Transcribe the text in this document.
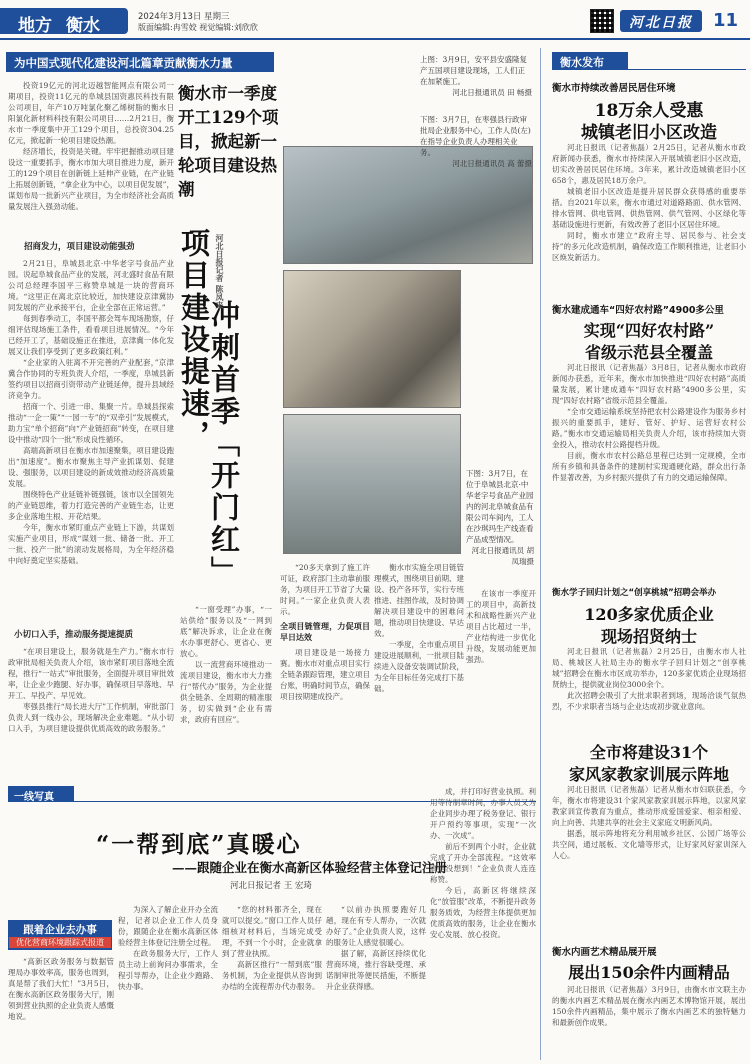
地方 衡水	2024年3月13日 星期三
版面编辑:冉雪姣 视觉编辑:刘欣欣	河北日报 11
为中国式现代化建设河北篇章贡献衡水力量

投资19亿元的河北迈越智能网点有限公司一期项目，投资11亿元的阜城县国资惠民科技有限公司项目，年产10万吨氯化聚乙烯树脂的衡水日阳氯化新材料科技有限公司项目……2月21日，衡水市一季度集中开工129个项目，总投资304.25亿元，掀起新一轮项目建设热潮。

经济增长，投资是关键。牢牢把握推动项目建设这一重要抓手，衡水市加大项目推进力度，新开工的129个项目在创新链上延伸产业链，在产业链上拓展创新链，“拿企业为中心，以项目促发展”，谋划布局一批新兴产业项目，为全市经济社会高质量发展注入强劲动能。

招商发力，项目建设动能强劲

2月21日，阜城县北京·中华老字号食品产业园。说起阜城食品产业的发展，河北盛时食品有限公司总经理李国平三称赞阜城是一块的营商环境。“这里正在离北京比较近，加快建设京津冀协同发展的产业承接平台，企业全部在正常运营。”

每到春季动工，李国平都会驾车现场勘察，仔细评估现场施工条件，看看项目进展情况。“今年已经开工了，基础设施正在推进，京津冀一体化发展又让我们享受到了更多政策红利。”

“企业家的入驻离不开完善的产业配套，”京津冀合作协同的专班负责人介绍，一季度，阜城县新签约项目以招商引资带动产业链延伸，提升县域经济竞争力。

招商一个、引进一串、集聚一片。阜城县探索推动“一企一策”“一园一专”的“双牵引”发展模式，助力宝“单个招商”向“产业链招商”转变，在项目建设中推动“四个一批”形成良性循环。

高端高新项目在衡水市加速聚集，项目建设跑出“加速度”。衡水市聚焦主导产业抓谋划、促建设、强服务，以项目建设的新成效推动经济高质量发展。

围绕特色产业延链补链强链，该市以全国领先的产业链思维，着力打造完善的产业链生态，让更多企业落地生根、开花结果。

今年，衡水市紧盯重点产业链上下游，共谋划实施产业项目，形成“谋划一批、储备一批、开工一批、投产一批”的滚动发展格局，为全年经济稳中向好奠定坚实基础。

小切口入手，推动服务提速提质

“在项目建设上，服务就是生产力。”衡水市行政审批局相关负责人介绍，该市紧盯项目落地全流程，推行“一站式”审批服务，全面提升项目审批效率，让企业少跑腿、好办事，确保项目早落地、早开工、早投产、早见效。

枣强县推行“局长进大厅”工作机制，审批部门负责人到一线办公，现场解决企业难题。“从小切口入手，为项目建设提供优质高效的政务服务。”

衡水市一季度开工129个项目，掀起新一轮项目建设热潮
项目建设提速，
冲刺首季「开门红」
河北日报记者 陈凤来
上图：3月9日，安平县安盛隆复产五国项目建设现场，工人们正在加紧施工。
河北日报通讯员 田 畅摄
下图：3月7日，在枣强县行政审批局企业服务中心，工作人员(左)在指导企业负责人办理相关业务。
河北日报通讯员 高 蕾摄
下图：3月7日，在位于阜城县北京·中华老字号食品产业园内的河北阜城食品有限公司车间内，工人在沙琪玛生产线查看产品成型情况。
河北日报通讯员 胡凤瑞摄

“一窗受理”办事，“一站供给”服务以及“一网到底”解决诉求，让企业在衡水办事更舒心、更省心、更放心。

以一流营商环境推动一流项目建设，衡水市大力推行“帮代办”服务，为企业提供全链条、全周期的精准服务，切实做到“企业有需求，政府有回应”。

“20多天拿到了施工许可证，政府部门主动靠前服务，为项目开工节省了大量时间。”一家企业负责人表示。

全项目链管理，力促项目早日达效

项目建设是一场接力赛。衡水市对重点项目实行全链条跟踪管理，建立项目台账，明确时间节点，确保项目按期建成投产。

衡水市实施全项目链管理模式，围绕项目前期、建设、投产各环节，实行专班推进、挂图作战，及时协调解决项目建设中的困难问题，推动项目快建设、早达效。

一季度，全市重点项目建设进展顺利，一批项目陆续进入设备安装调试阶段，为全年目标任务完成打下基础。

在该市一季度开工的项目中，高新技术和战略性新兴产业项目占比超过一半，产业结构进一步优化升级，发展动能更加强劲。

一线写真
“一帮到底”真暖心
——跟随企业在衡水高新区体验经营主体登记注册
河北日报记者 王 宏琦
跟着企业去办事
优化营商环境跟踪式报道

“高新区政务服务与数据管理局办事效率高，服务也周到，真是帮了我们大忙！”3月5日，在衡水高新区政务服务大厅，刚领到营业执照的企业负责人感慨地说。

为深入了解企业开办全流程，记者以企业工作人员身份，跟随企业在衡水高新区体验经营主体登记注册全过程。

在政务服务大厅，工作人员主动上前询问办事需求，全程引导帮办，让企业少跑路、快办事。

“您的材料都齐全，现在就可以提交。”窗口工作人员仔细核对材料后，当场完成受理，不到一个小时，企业就拿到了营业执照。

高新区推行“一帮到底”服务机制，为企业提供从咨询到办结的全流程帮办代办服务。

“以前办执照要跑好几趟，现在有专人帮办，一次就办好了。”企业负责人说，这样的服务让人感觉很暖心。

据了解，高新区持续优化营商环境，推行容缺受理、承诺制审批等便民措施，不断提升企业获得感。

成，并打印好营业执照。利用等待制章时间，办事人员又为企业同步办理了税务登记、银行开户预约等事项，实现“一次办、一次成”。

前后不到两个小时，企业就完成了开办全部流程。“这效率真是没想到！”企业负责人连连称赞。

今后，高新区将继续深化“放管服”改革，不断提升政务服务质效，为经营主体提供更加优质高效的服务，让企业在衡水安心发展、放心投资。

衡水发布
衡水市持续改善居民居住环境
18万余人受惠
城镇老旧小区改造

河北日报讯（记者焦磊）2月25日，记者从衡水市政府新闻办获悉，衡水市持续深入开展城镇老旧小区改造，切实改善居民居住环境。3年来，累计改造城镇老旧小区658个，惠及居民18万余户。

城镇老旧小区改造是提升居民群众获得感的重要举措。自2021年以来，衡水市通过对道路路面、供水管网、排水管网、供电管网、供热管网、供气管网、小区绿化等基础设施进行更新，有效改善了老旧小区居住环境。

同时，衡水市建立“政府主导、居民参与、社会支持”的多元化改造机制，确保改造工作顺利推进，让老旧小区焕发新活力。

衡水建成通车“四好农村路”4900多公里
实现“四好农村路”
省级示范县全覆盖

河北日报讯（记者焦磊）3月8日，记者从衡水市政府新闻办获悉，近年来，衡水市加快推进“四好农村路”高质量发展，累计建成通车“四好农村路”4900多公里，实现“四好农村路”省级示范县全覆盖。

“全市交通运输系统坚持把农村公路建设作为服务乡村振兴的重要抓手，建好、管好、护好、运营好农村公路。”衡水市交通运输局相关负责人介绍，该市持续加大资金投入，推动农村公路提档升级。

目前，衡水市农村公路总里程已达到一定规模，全市所有乡镇和具备条件的建制村实现通硬化路，群众出行条件显著改善，为乡村振兴提供了有力的交通运输保障。

衡水学子回归计划之“创享桃城”招聘会举办
120多家优质企业
现场招贤纳士

河北日报讯（记者焦磊）2月25日，由衡水市人社局、桃城区人社局主办的衡水学子回归计划之“创享桃城”招聘会在衡水市区成功举办，120多家优质企业现场招贤纳士，提供就业岗位3000余个。

此次招聘会吸引了大批求职者到场，现场洽谈气氛热烈，不少求职者当场与企业达成初步就业意向。

全市将建设31个
家风家教家训展示阵地

河北日报讯（记者焦磊）记者从衡水市妇联获悉，今年，衡水市将建设31个家风家教家训展示阵地，以家风家教家训宣传教育为重点，推动形成爱国爱家、相亲相爱、向上向善、共建共享的社会主义家庭文明新风尚。

据悉，展示阵地将充分利用城乡社区、公园广场等公共空间，通过展板、文化墙等形式，让好家风好家训深入人心。

衡水内画艺术精品展开展
展出150余件内画精品

河北日报讯（记者焦磊）3月9日，由衡水市文联主办的衡水内画艺术精品展在衡水内画艺术博物馆开展，展出150余件内画精品，集中展示了衡水内画艺术的独特魅力和最新创作成果。
